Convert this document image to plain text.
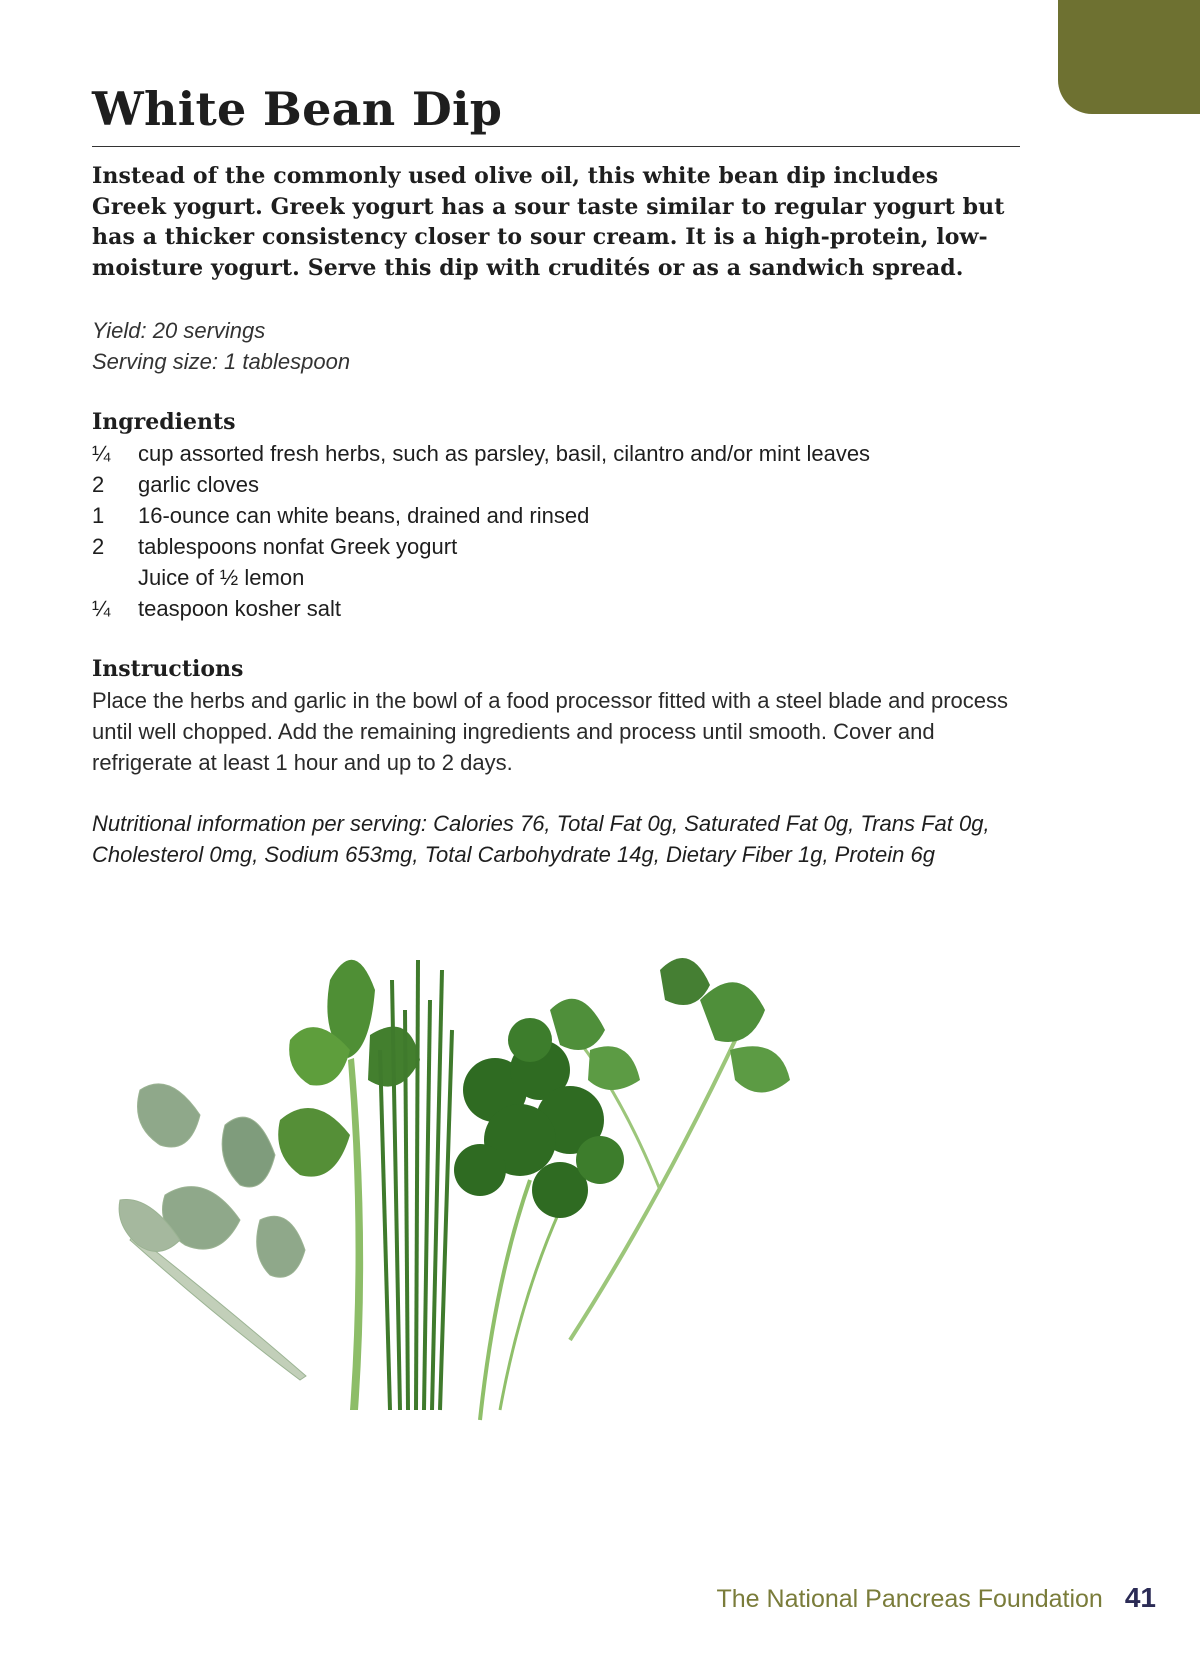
White Bean Dip

Instead of the commonly used olive oil, this white bean dip includes Greek yogurt. Greek yogurt has a sour taste similar to regular yogurt but has a thicker consistency closer to sour cream. It is a high-protein, low-moisture yogurt. Serve this dip with crudités or as a sandwich spread.

Yield: 20 servings
Serving size: 1 tablespoon
Ingredients
¼	cup assorted fresh herbs, such as parsley, basil, cilantro and/or mint leaves
2	garlic cloves
1	16-ounce can white beans, drained and rinsed
2	tablespoons nonfat Greek yogurt
Juice of ½ lemon
¼	teaspoon kosher salt
Instructions

Place the herbs and garlic in the bowl of a food processor fitted with a steel blade and process until well chopped. Add the remaining ingredients and process until smooth. Cover and refrigerate at least 1 hour and up to 2 days.

Nutritional information per serving: Calories 76, Total Fat 0g, Saturated Fat 0g, Trans Fat 0g, Cholesterol 0mg, Sodium 653mg, Total Carbohydrate 14g, Dietary Fiber 1g, Protein 6g
The National Pancreas Foundation 41
